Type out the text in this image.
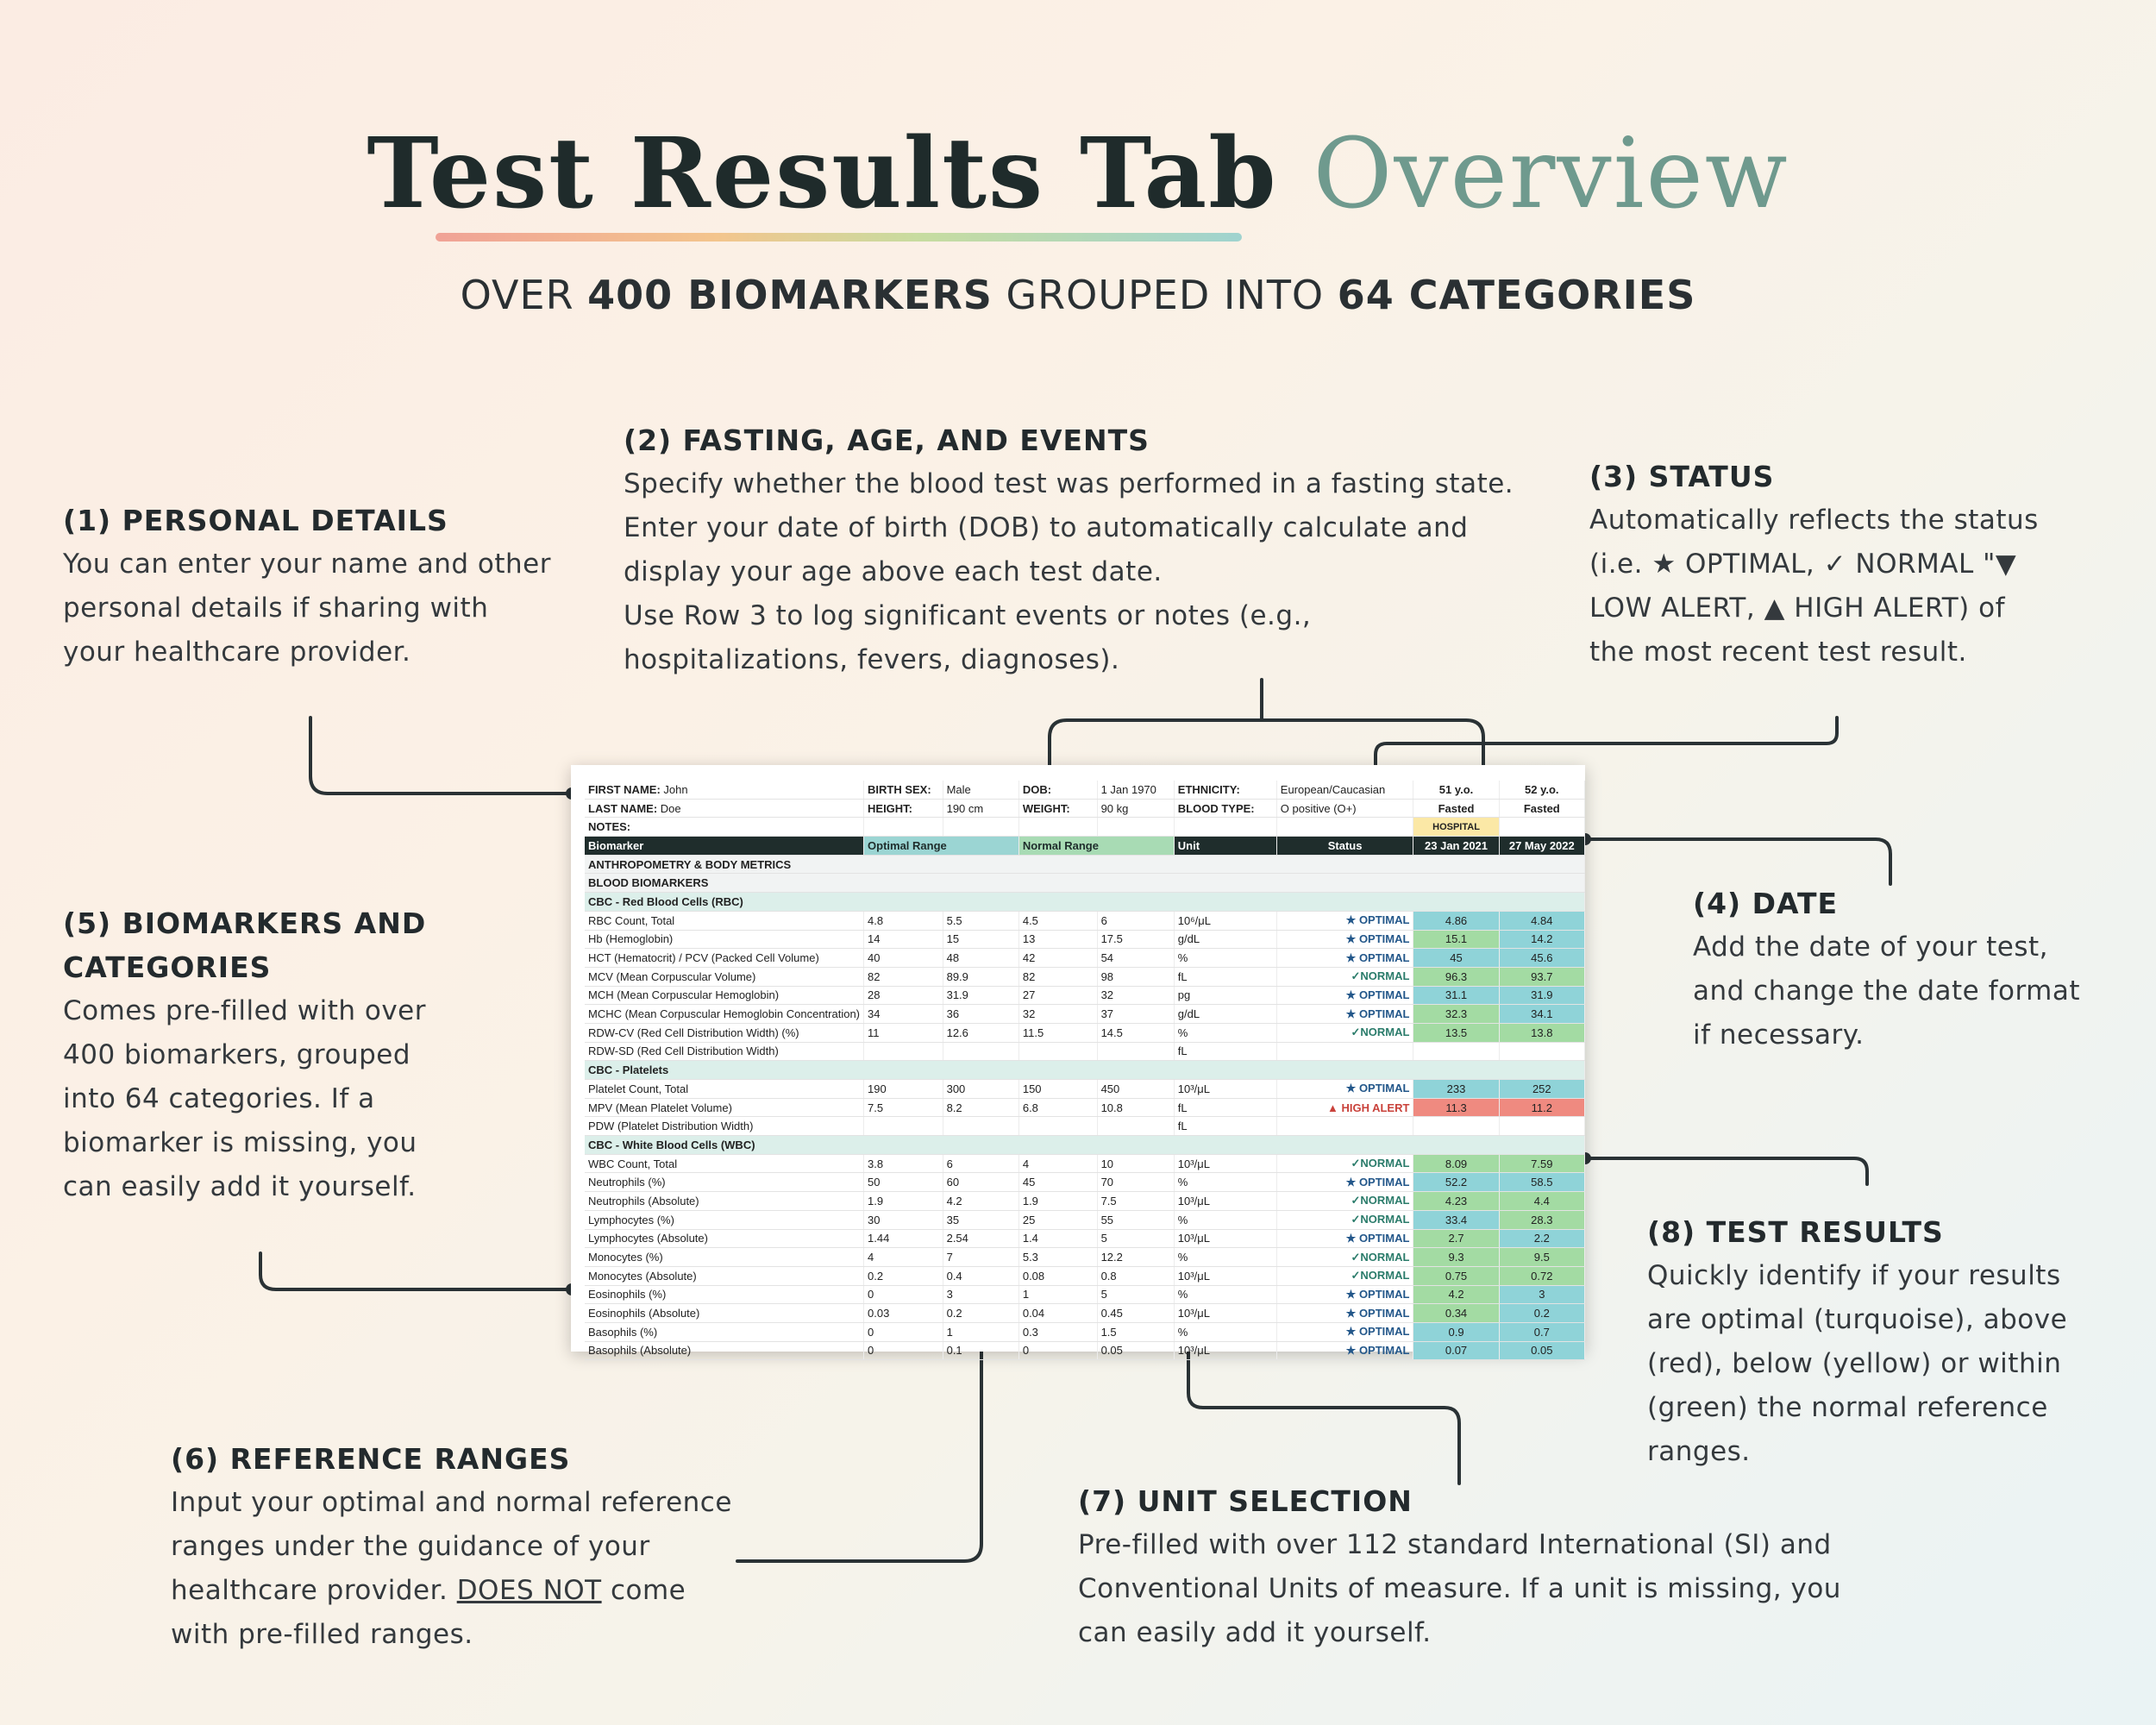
Test Results Tab Overview
OVER 400 BIOMARKERS GROUPED INTO 64 CATEGORIES
(1) PERSONAL DETAILS
You can enter your name and other
personal details if sharing with
your healthcare provider.
(2) FASTING, AGE, AND EVENTS
Specify whether the blood test was performed in a fasting state.
Enter your date of birth (DOB) to automatically calculate and
display your age above each test date.
Use Row 3 to log significant events or notes (e.g.,
hospitalizations, fevers, diagnoses).
(3) STATUS
Automatically reflects the status
(i.e. ★ OPTIMAL, ✓ NORMAL "▼
LOW ALERT, ▲ HIGH ALERT) of
the most recent test result.
(4) DATE
Add the date of your test,
and change the date format
if necessary.
(5) BIOMARKERS AND
CATEGORIES
Comes pre-filled with over
400 biomarkers, grouped
into 64 categories. If a
biomarker is missing, you
can easily add it yourself.
(6) REFERENCE RANGES
Input your optimal and normal reference
ranges under the guidance of your
healthcare provider. DOES NOT come
with pre-filled ranges.
(7) UNIT SELECTION
Pre-filled with over 112 standard International (SI) and
Conventional Units of measure. If a unit is missing, you
can easily add it yourself.
(8) TEST RESULTS
Quickly identify if your results
are optimal (turquoise), above
(red), below (yellow) or within
(green) the normal reference
ranges.
FIRST NAME: John	BIRTH SEX:	Male	DOB:	1 Jan 1970	ETHNICITY:	European/Caucasian	51 y.o.	52 y.o.
LAST NAME: Doe	HEIGHT:	190 cm	WEIGHT:	90 kg	BLOOD TYPE:	O positive (O+)	Fasted	Fasted
NOTES:							HOSPITAL	
Biomarker	Optimal Range		Normal Range		Unit	Status	23 Jan 2021	27 May 2022
ANTHROPOMETRY & BODY METRICS								
BLOOD BIOMARKERS								
CBC - Red Blood Cells (RBC)								
RBC Count, Total	4.8	5.5	4.5	6	10⁶/μL	★ OPTIMAL	4.86	4.84
Hb (Hemoglobin)	14	15	13	17.5	g/dL	★ OPTIMAL	15.1	14.2
HCT (Hematocrit) / PCV (Packed Cell Volume)	40	48	42	54	%	★ OPTIMAL	45	45.6
MCV (Mean Corpuscular Volume)	82	89.9	82	98	fL	✓NORMAL	96.3	93.7
MCH (Mean Corpuscular Hemoglobin)	28	31.9	27	32	pg	★ OPTIMAL	31.1	31.9
MCHC (Mean Corpuscular Hemoglobin Concentration)	34	36	32	37	g/dL	★ OPTIMAL	32.3	34.1
RDW-CV (Red Cell Distribution Width) (%)	11	12.6	11.5	14.5	%	✓NORMAL	13.5	13.8
RDW-SD (Red Cell Distribution Width)					fL			
CBC - Platelets								
Platelet Count, Total	190	300	150	450	10³/μL	★ OPTIMAL	233	252
MPV (Mean Platelet Volume)	7.5	8.2	6.8	10.8	fL	▲ HIGH ALERT	11.3	11.2
PDW (Platelet Distribution Width)					fL			
CBC - White Blood Cells (WBC)								
WBC Count, Total	3.8	6	4	10	10³/μL	✓NORMAL	8.09	7.59
Neutrophils (%)	50	60	45	70	%	★ OPTIMAL	52.2	58.5
Neutrophils (Absolute)	1.9	4.2	1.9	7.5	10³/μL	✓NORMAL	4.23	4.4
Lymphocytes (%)	30	35	25	55	%	✓NORMAL	33.4	28.3
Lymphocytes (Absolute)	1.44	2.54	1.4	5	10³/μL	★ OPTIMAL	2.7	2.2
Monocytes (%)	4	7	5.3	12.2	%	✓NORMAL	9.3	9.5
Monocytes (Absolute)	0.2	0.4	0.08	0.8	10³/μL	✓NORMAL	0.75	0.72
Eosinophils (%)	0	3	1	5	%	★ OPTIMAL	4.2	3
Eosinophils (Absolute)	0.03	0.2	0.04	0.45	10³/μL	★ OPTIMAL	0.34	0.2
Basophils (%)	0	1	0.3	1.5	%	★ OPTIMAL	0.9	0.7
Basophils (Absolute)	0	0.1	0	0.05	10³/μL	★ OPTIMAL	0.07	0.05
